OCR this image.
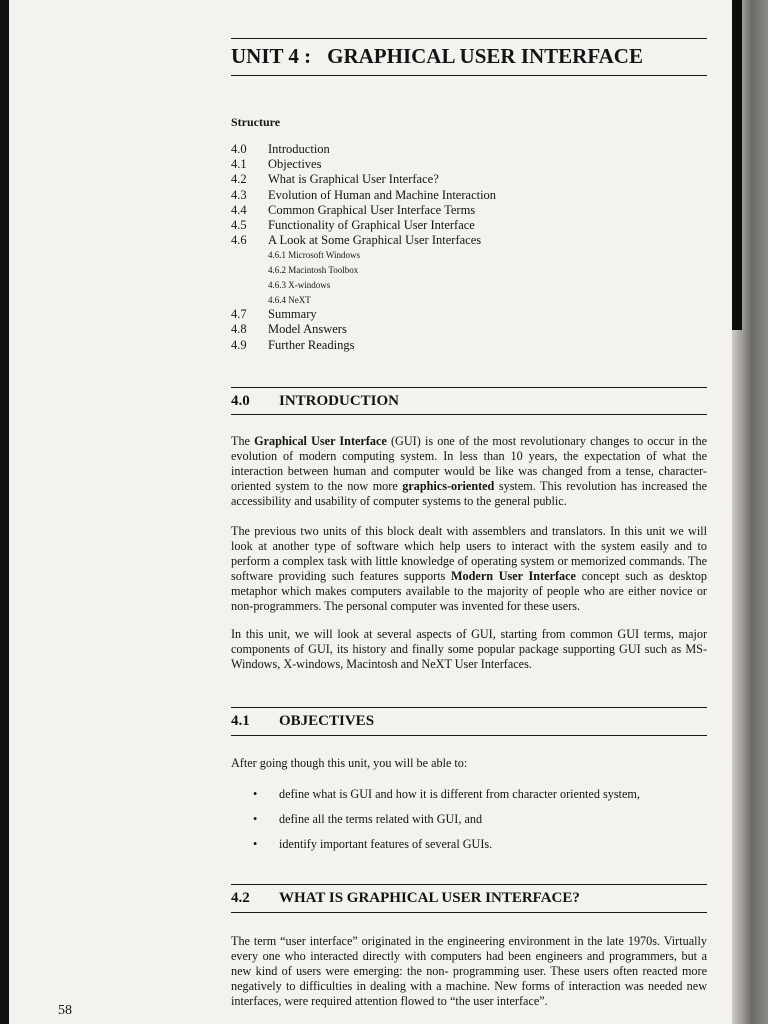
UNIT 4 : GRAPHICAL USER INTERFACE
Structure
4.0	Introduction
4.1	Objectives
4.2	What is Graphical User Interface?
4.3	Evolution of Human and Machine Interaction
4.4	Common Graphical User Interface Terms
4.5	Functionality of Graphical User Interface
4.6	A Look at Some Graphical User Interfaces
4.6.1 Microsoft Windows
4.6.2 Macintosh Toolbox
4.6.3 X-windows
4.6.4 NeXT
4.7	Summary
4.8	Model Answers
4.9	Further Readings
4.0 INTRODUCTION

The Graphical User Interface (GUI) is one of the most revolutionary changes to occur in the evolution of modern computing system. In less than 10 years, the expectation of what the interaction between human and computer would be like was changed from a tense, character-oriented system to the now more graphics-oriented system. This revolution has increased the accessibility and usability of computer systems to the general public.

The previous two units of this block dealt with assemblers and translators. In this unit we will look at another type of software which help users to interact with the system easily and to perform a complex task with little knowledge of operating system or memorized commands. The software providing such features supports Modern User Interface concept such as desktop metaphor which makes computers available to the majority of people who are either novice or non-programmers. The personal computer was invented for these users.

In this unit, we will look at several aspects of GUI, starting from common GUI terms, major components of GUI, its history and finally some popular package supporting GUI such as MS-Windows, X-windows, Macintosh and NeXT User Interfaces.

4.1 OBJECTIVES

After going though this unit, you will be able to:

• define what is GUI and how it is different from character oriented system,
• define all the terms related with GUI, and
• identify important features of several GUIs.
4.2 WHAT IS GRAPHICAL USER INTERFACE?

The term “user interface” originated in the engineering environment in the late 1970s. Virtually every one who interacted directly with computers had been engineers and programmers, but a new kind of users were emerging: the non- programming user. These users often reacted more negatively to difficulties in dealing with a machine. New forms of interaction was needed new interfaces, were required attention flowed to “the user interface”.

58
